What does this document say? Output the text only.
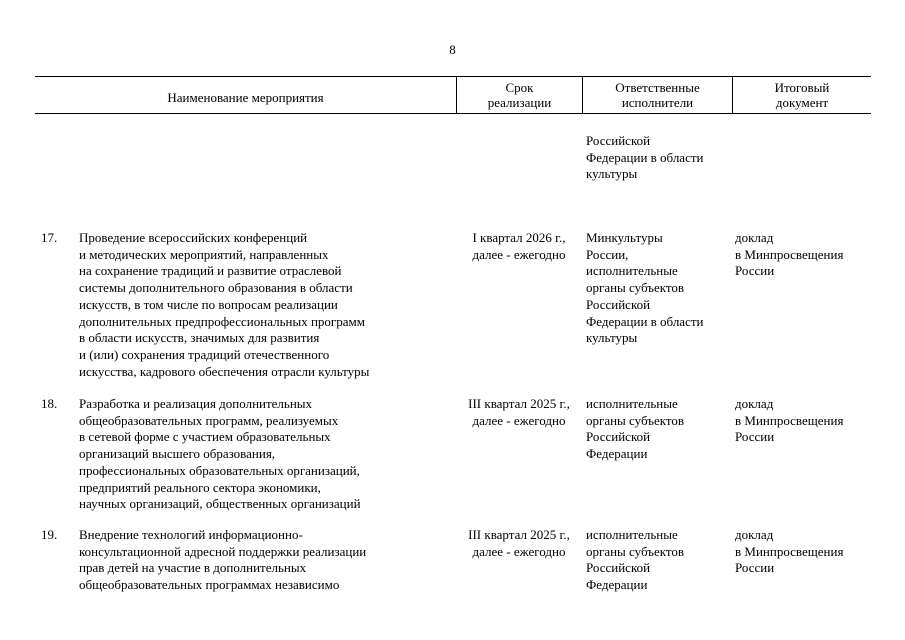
8
Наименование мероприятия
Срок
реализации
Ответственные
исполнители
Итоговый
документ
Российской
Федерации в области
культуры
17. Проведение всероссийских конференций
и методических мероприятий, направленных
на сохранение традиций и развитие отраслевой
системы дополнительного образования в области
искусств, в том числе по вопросам реализации
дополнительных предпрофессиональных программ
в области искусств, значимых для развития
и (или) сохранения традиций отечественного
искусства, кадрового обеспечения отрасли культуры
I квартал 2026 г.,
далее - ежегодно
Минкультуры
России,
исполнительные
органы субъектов
Российской
Федерации в области
культуры
доклад
в Минпросвещения
России
18. Разработка и реализация дополнительных
общеобразовательных программ, реализуемых
в сетевой форме с участием образовательных
организаций высшего образования,
профессиональных образовательных организаций,
предприятий реального сектора экономики,
научных организаций, общественных организаций
III квартал 2025 г.,
далее - ежегодно
исполнительные
органы субъектов
Российской
Федерации
доклад
в Минпросвещения
России
19. Внедрение технологий информационно-
консультационной адресной поддержки реализации
прав детей на участие в дополнительных
общеобразовательных программах независимо
III квартал 2025 г.,
далее - ежегодно
исполнительные
органы субъектов
Российской
Федерации
доклад
в Минпросвещения
России
